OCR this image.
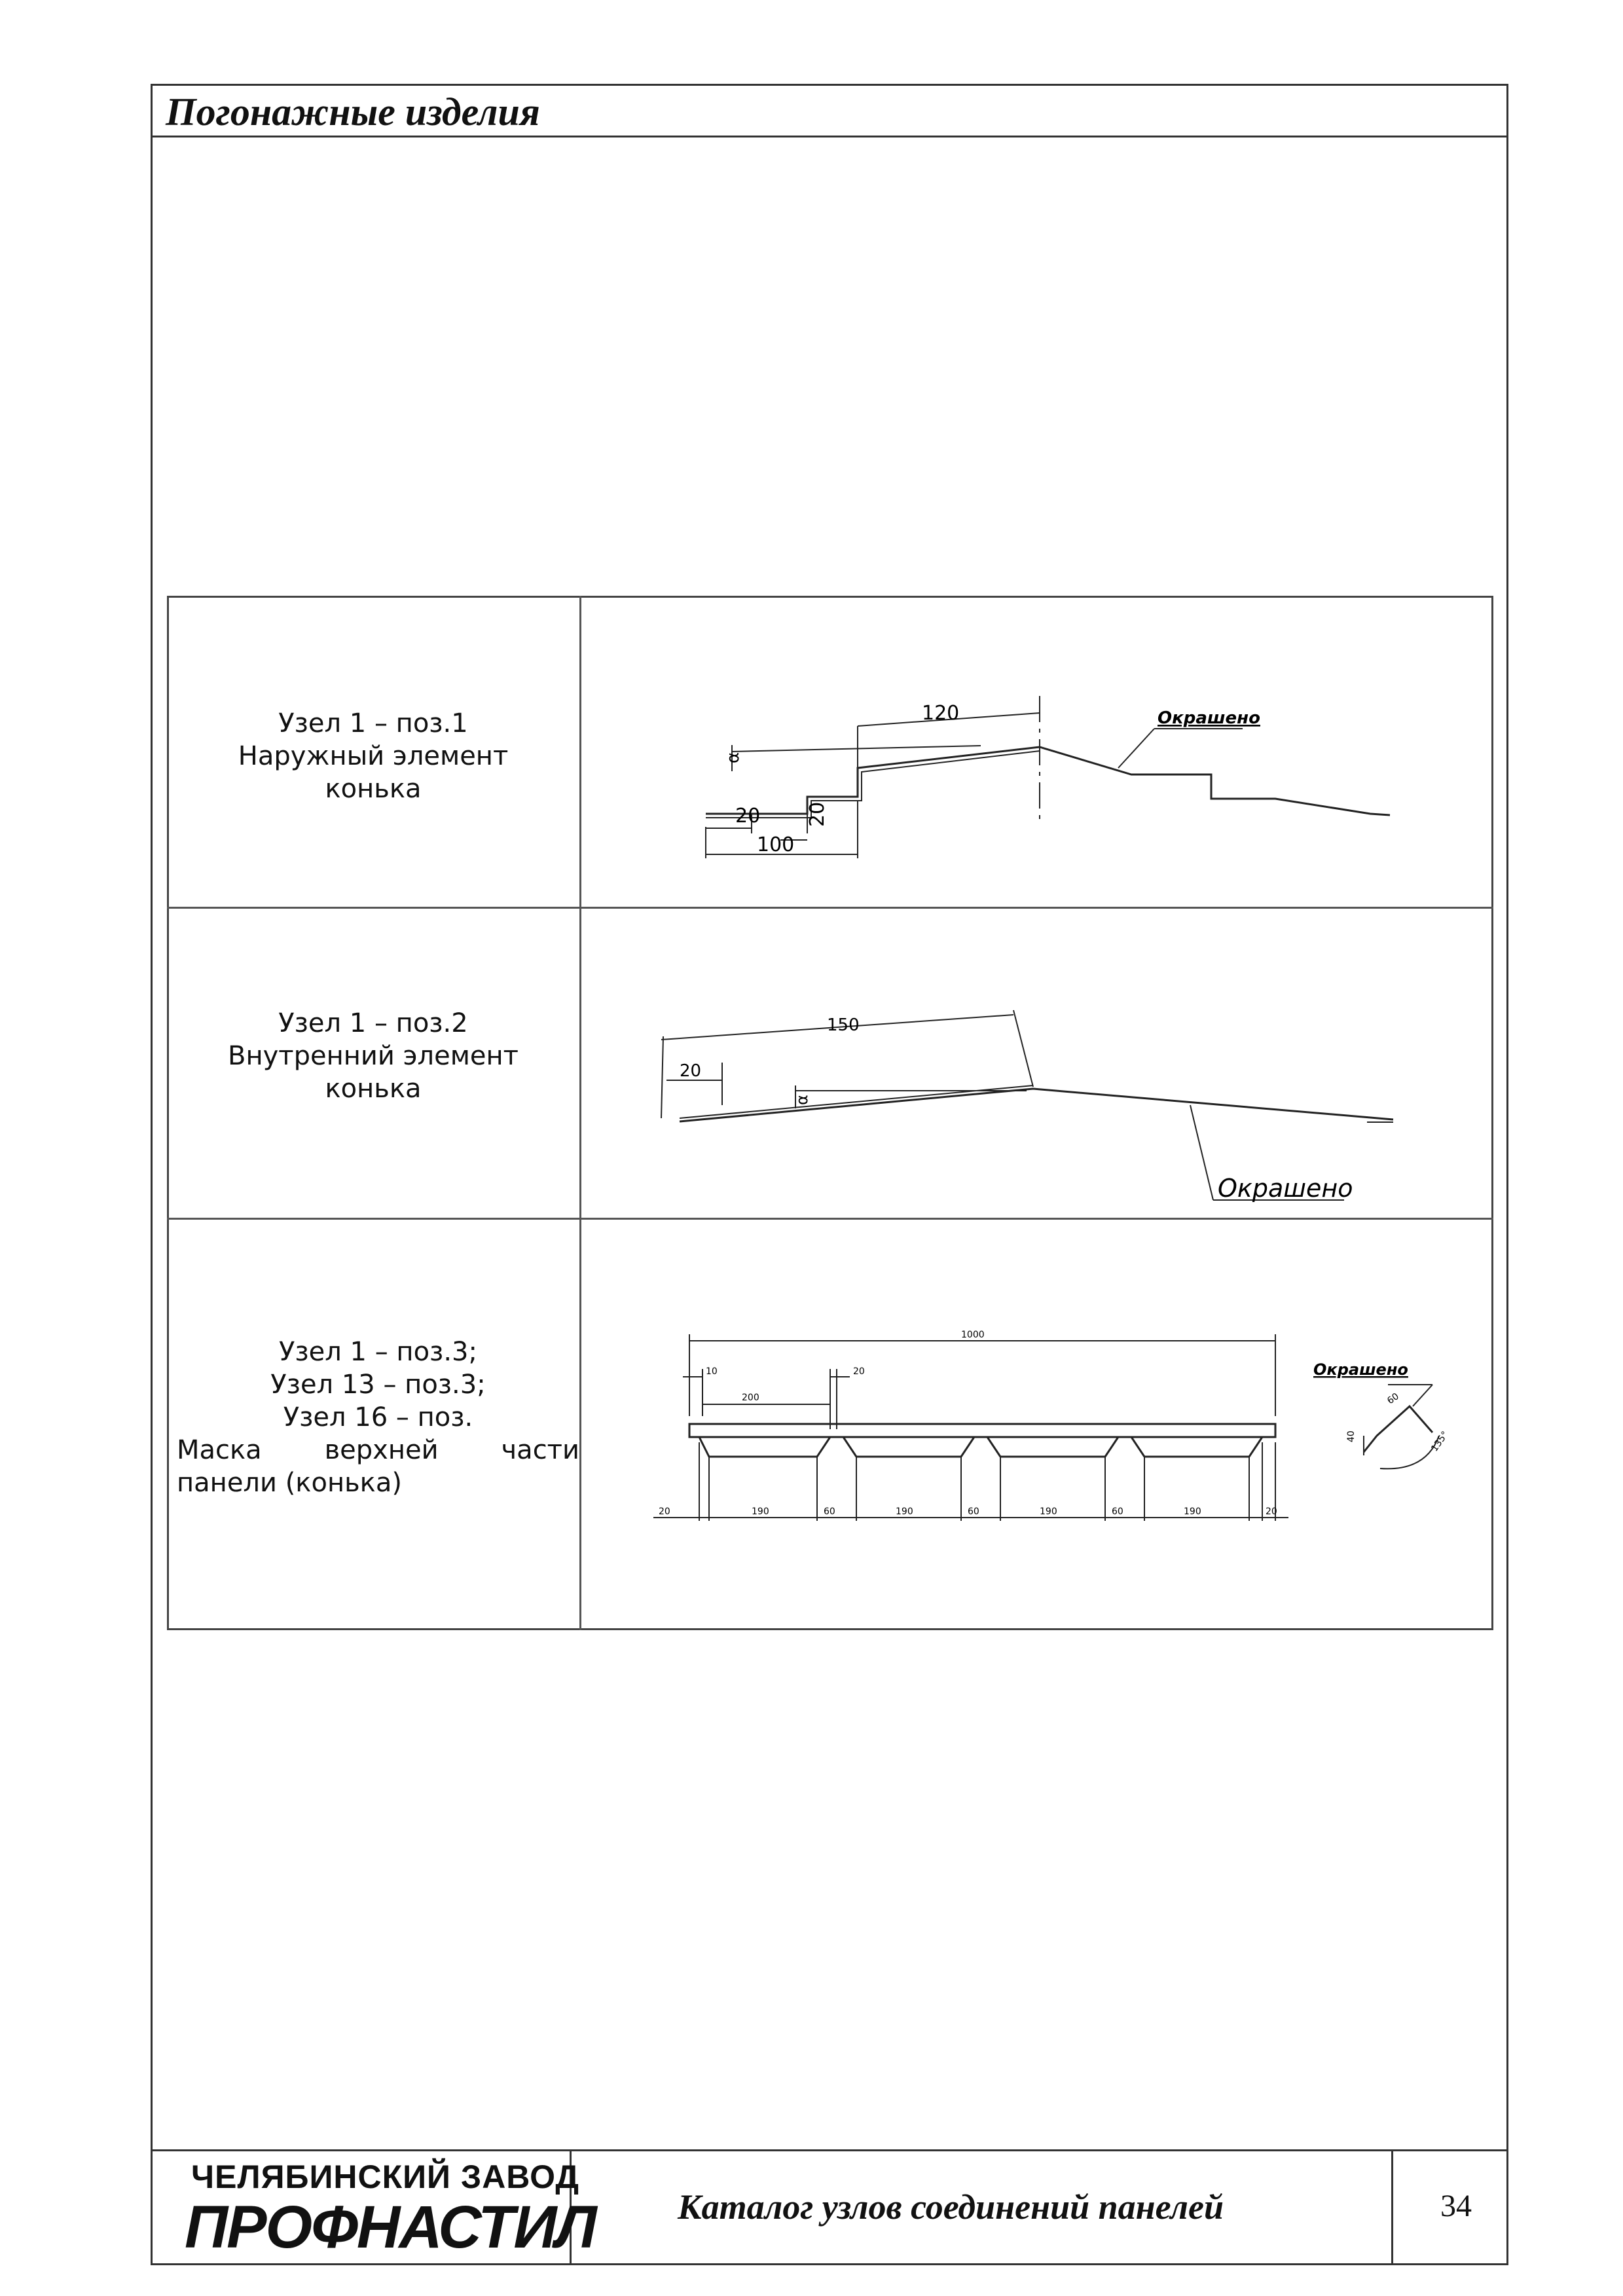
Погонажные изделия
Узел 1 – поз.1
Наружный элемент
конька
120
α
20 20
100
Окрашено
Узел 1 – поз.2
Внутренний элемент
конька
150
20
α
Окрашено
Узел 1 – поз.3;
Узел 13 – поз.3;
Узел 16 – поз.
Маска верхней части
панели (конька)
1000
10	20
200
20	190	60	190	60	190	60	190	20
40
60
135°
Окрашено
ЧЕЛЯБИНСКИЙ ЗАВОД
ПРОФНАСТИЛ Каталог узлов соединений панелей	34
